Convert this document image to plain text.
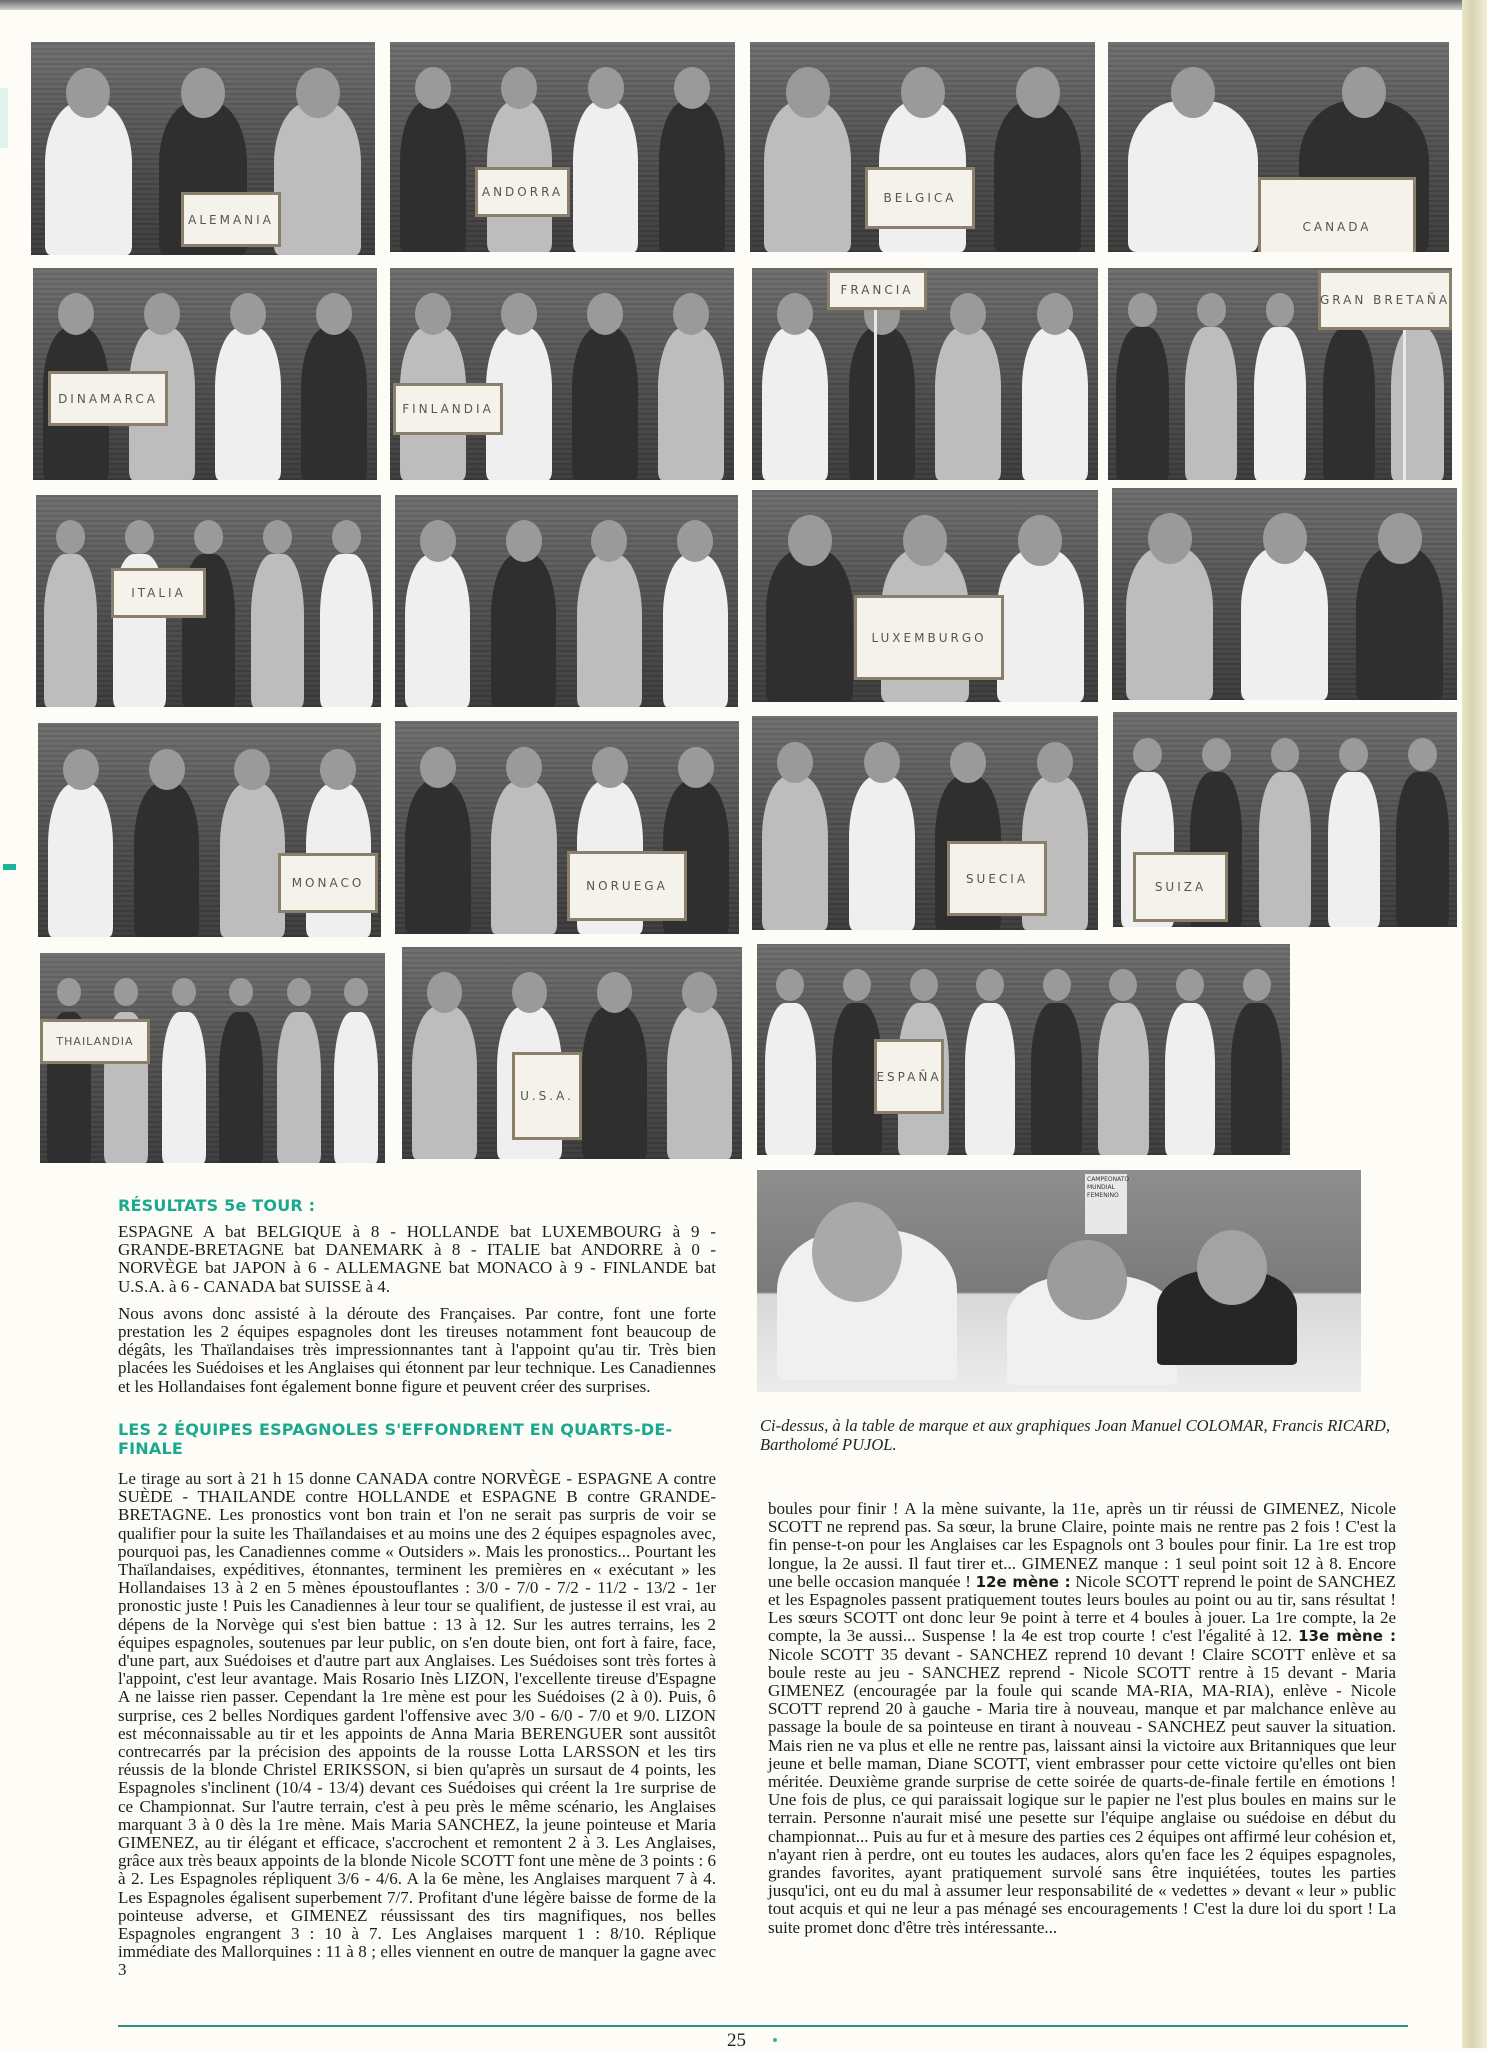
ALEMANIA
ANDORRA	BELGICA
CANADA
DINAMARCA
FINLANDIA
FRANCIA
GRAN BRETAÑA
ITALIA
LUXEMBURGO
MONACO	NORUEGA
SUECIA
SUIZA
THAILANDIA
U.S.A.
ESPAÑA
CAMPEONATO MUNDIAL FEMENINO
Ci-dessus, à la table de marque et aux graphiques Joan Manuel COLOMAR, Francis RICARD, Bartholomé PUJOL.
RÉSULTATS 5e TOUR :

ESPAGNE A bat BELGIQUE à 8 - HOLLANDE bat LUXEMBOURG à 9 - GRANDE-BRETAGNE bat DANEMARK à 8 - ITALIE bat ANDORRE à 0 - NORVÈGE bat JAPON à 6 - ALLEMAGNE bat MONACO à 9 - FINLANDE bat U.S.A. à 6 - CANADA bat SUISSE à 4.

Nous avons donc assisté à la déroute des Françaises. Par contre, font une forte prestation les 2 équipes espagnoles dont les tireuses notamment font beaucoup de dégâts, les Thaïlandaises très impressionnantes tant à l'appoint qu'au tir. Très bien placées les Suédoises et les Anglaises qui étonnent par leur technique. Les Canadiennes et les Hollandaises font également bonne figure et peuvent créer des surprises.

LES 2 ÉQUIPES ESPAGNOLES S'EFFONDRENT EN QUARTS-DE-FINALE

Le tirage au sort à 21 h 15 donne CANADA contre NORVÈGE - ESPAGNE A contre SUÈDE - THAILANDE contre HOLLANDE et ESPAGNE B contre GRANDE-BRETAGNE. Les pronostics vont bon train et l'on ne serait pas surpris de voir se qualifier pour la suite les Thaïlandaises et au moins une des 2 équipes espagnoles avec, pourquoi pas, les Canadiennes comme « Outsiders ». Mais les pronostics... Pourtant les Thaïlandaises, expéditives, étonnantes, terminent les premières en « exécutant » les Hollandaises 13 à 2 en 5 mènes époustouflantes : 3/0 - 7/0 - 7/2 - 11/2 - 13/2 - 1er pronostic juste ! Puis les Canadiennes à leur tour se qualifient, de justesse il est vrai, au dépens de la Norvège qui s'est bien battue : 13 à 12. Sur les autres terrains, les 2 équipes espagnoles, soutenues par leur public, on s'en doute bien, ont fort à faire, face, d'une part, aux Suédoises et d'autre part aux Anglaises. Les Suédoises sont très fortes à l'appoint, c'est leur avantage. Mais Rosario Inès LIZON, l'excellente tireuse d'Espagne A ne laisse rien passer. Cependant la 1re mène est pour les Suédoises (2 à 0). Puis, ô surprise, ces 2 belles Nordiques gardent l'offensive avec 3/0 - 6/0 - 7/0 et 9/0. LIZON est méconnaissable au tir et les appoints de Anna Maria BERENGUER sont aussitôt contrecarrés par la précision des appoints de la rousse Lotta LARSSON et les tirs réussis de la blonde Christel ERIKSSON, si bien qu'après un sursaut de 4 points, les Espagnoles s'inclinent (10/4 - 13/4) devant ces Suédoises qui créent la 1re surprise de ce Championnat. Sur l'autre terrain, c'est à peu près le même scénario, les Anglaises marquant 3 à 0 dès la 1re mène. Mais Maria SANCHEZ, la jeune pointeuse et Maria GIMENEZ, au tir élégant et efficace, s'accrochent et remontent 2 à 3. Les Anglaises, grâce aux très beaux appoints de la blonde Nicole SCOTT font une mène de 3 points : 6 à 2. Les Espagnoles répliquent 3/6 - 4/6. A la 6e mène, les Anglaises marquent 7 à 4. Les Espagnoles égalisent superbement 7/7. Profitant d'une légère baisse de forme de la pointeuse adverse, et GIMENEZ réussissant des tirs magnifiques, nos belles Espagnoles engrangent 3 : 10 à 7. Les Anglaises marquent 1 : 8/10. Réplique immédiate des Mallorquines : 11 à 8 ; elles viennent en outre de manquer la gagne avec 3

boules pour finir ! A la mène suivante, la 11e, après un tir réussi de GIMENEZ, Nicole SCOTT ne reprend pas. Sa sœur, la brune Claire, pointe mais ne rentre pas 2 fois ! C'est la fin pense-t-on pour les Anglaises car les Espagnols ont 3 boules pour finir. La 1re est trop longue, la 2e aussi. Il faut tirer et... GIMENEZ manque : 1 seul point soit 12 à 8. Encore une belle occasion manquée ! 12e mène : Nicole SCOTT reprend le point de SANCHEZ et les Espagnoles passent pratiquement toutes leurs boules au point ou au tir, sans résultat ! Les sœurs SCOTT ont donc leur 9e point à terre et 4 boules à jouer. La 1re compte, la 2e compte, la 3e aussi... Suspense ! la 4e est trop courte ! c'est l'égalité à 12. 13e mène : Nicole SCOTT 35 devant - SANCHEZ reprend 10 devant ! Claire SCOTT enlève et sa boule reste au jeu - SANCHEZ reprend - Nicole SCOTT rentre à 15 devant - Maria GIMENEZ (encouragée par la foule qui scande MA-RIA, MA-RIA), enlève - Nicole SCOTT reprend 20 à gauche - Maria tire à nouveau, manque et par malchance enlève au passage la boule de sa pointeuse en tirant à nouveau - SANCHEZ peut sauver la situation. Mais rien ne va plus et elle ne rentre pas, laissant ainsi la victoire aux Britanniques que leur jeune et belle maman, Diane SCOTT, vient embrasser pour cette victoire qu'elles ont bien méritée. Deuxième grande surprise de cette soirée de quarts-de-finale fertile en émotions ! Une fois de plus, ce qui paraissait logique sur le papier ne l'est plus boules en mains sur le terrain. Personne n'aurait misé une pesette sur l'équipe anglaise ou suédoise en début du championnat... Puis au fur et à mesure des parties ces 2 équipes ont affirmé leur cohésion et, n'ayant rien à perdre, ont eu toutes les audaces, alors qu'en face les 2 équipes espagnoles, grandes favorites, ayant pratiquement survolé sans être inquiétées, toutes les parties jusqu'ici, ont eu du mal à assumer leur responsabilité de « vedettes » devant « leur » public tout acquis et qui ne leur a pas ménagé ses encouragements ! C'est la dure loi du sport ! La suite promet donc d'être très intéressante...

25
